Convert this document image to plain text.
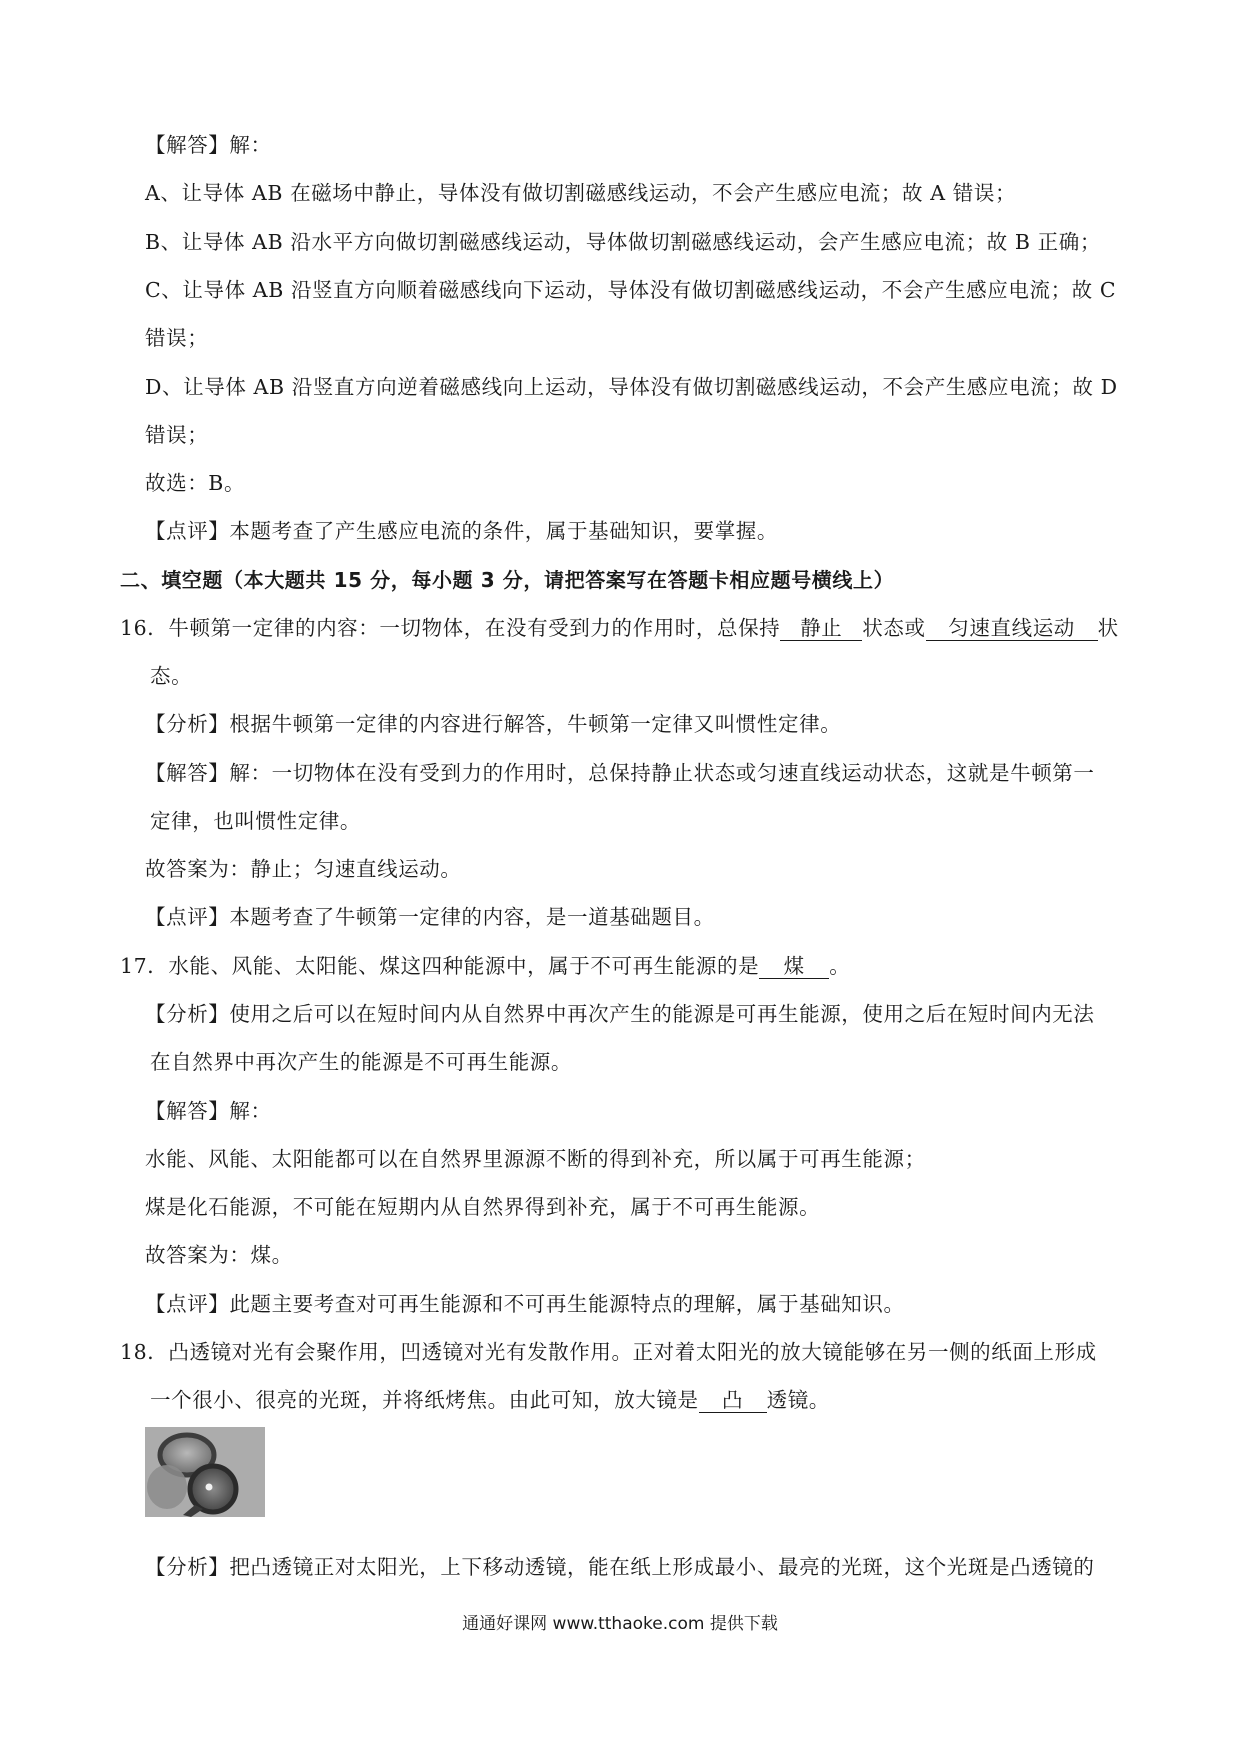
【解答】解：
A、让导体 AB 在磁场中静止，导体没有做切割磁感线运动，不会产生感应电流；故 A 错误；
B、让导体 AB 沿水平方向做切割磁感线运动，导体做切割磁感线运动，会产生感应电流；故 B 正确；
C、让导体 AB 沿竖直方向顺着磁感线向下运动，导体没有做切割磁感线运动，不会产生感应电流；故 C
错误；
D、让导体 AB 沿竖直方向逆着磁感线向上运动，导体没有做切割磁感线运动，不会产生感应电流；故 D
错误；
故选：B。
【点评】本题考查了产生感应电流的条件，属于基础知识，要掌握。
二、填空题（本大题共 15 分，每小题 3 分，请把答案写在答题卡相应题号横线上）
16．牛顿第一定律的内容：一切物体，在没有受到力的作用时，总保持 静止 状态或 匀速直线运动 状
态。
【分析】根据牛顿第一定律的内容进行解答，牛顿第一定律又叫惯性定律。
【解答】解：一切物体在没有受到力的作用时，总保持静止状态或匀速直线运动状态，这就是牛顿第一
定律，也叫惯性定律。
故答案为：静止；匀速直线运动。
【点评】本题考查了牛顿第一定律的内容，是一道基础题目。
17．水能、风能、太阳能、煤这四种能源中，属于不可再生能源的是 煤 。
【分析】使用之后可以在短时间内从自然界中再次产生的能源是可再生能源，使用之后在短时间内无法
在自然界中再次产生的能源是不可再生能源。
【解答】解：
水能、风能、太阳能都可以在自然界里源源不断的得到补充，所以属于可再生能源；
煤是化石能源，不可能在短期内从自然界得到补充，属于不可再生能源。
故答案为：煤。
【点评】此题主要考查对可再生能源和不可再生能源特点的理解，属于基础知识。
18．凸透镜对光有会聚作用，凹透镜对光有发散作用。正对着太阳光的放大镜能够在另一侧的纸面上形成
一个很小、很亮的光斑，并将纸烤焦。由此可知，放大镜是 凸 透镜。
【分析】把凸透镜正对太阳光，上下移动透镜，能在纸上形成最小、最亮的光斑，这个光斑是凸透镜的
通通好课网 www.tthaoke.com 提供下载
